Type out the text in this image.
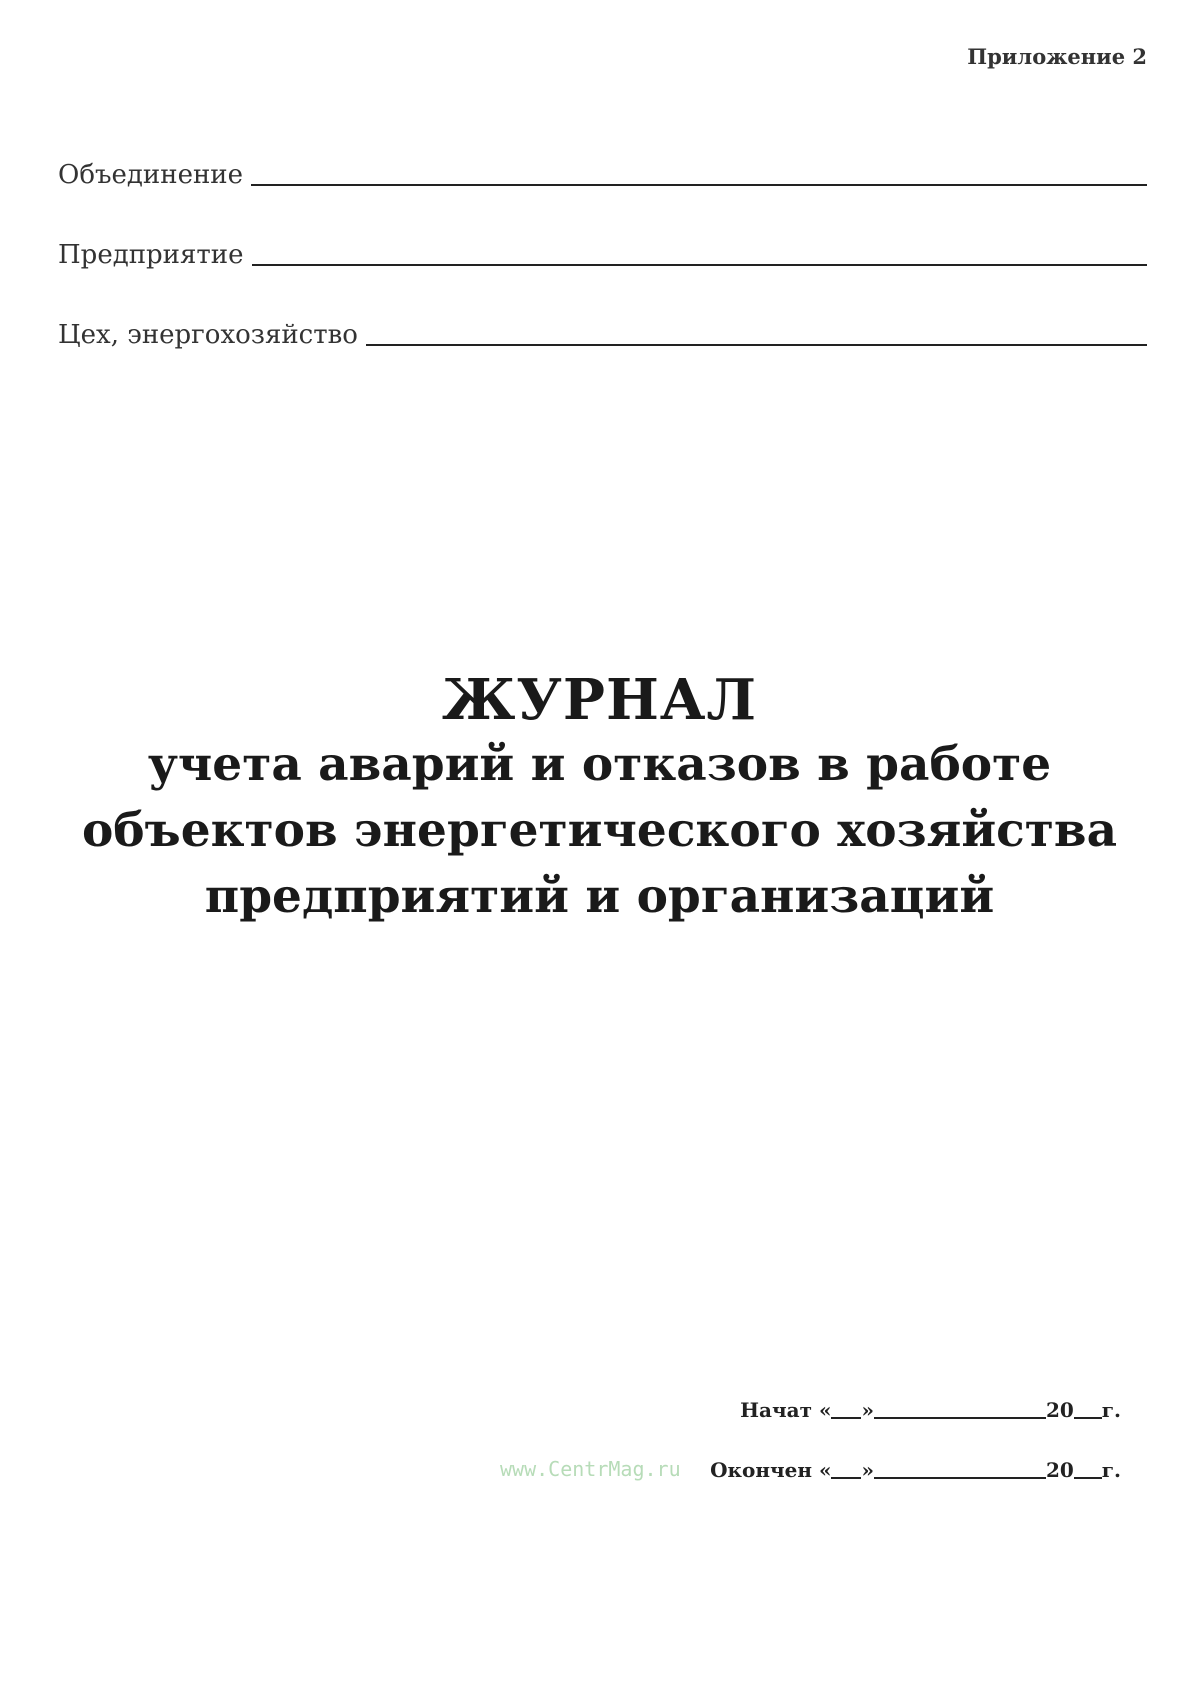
Приложение 2
Объединение
Предприятие
Цех, энергохозяйство
ЖУРНАЛ
учета аварий и отказов в работе
объектов энергетического хозяйства
предприятий и организаций
Начат
« »	20 г.
Окончен
« »	20 г.
www.CentrMag.ru
